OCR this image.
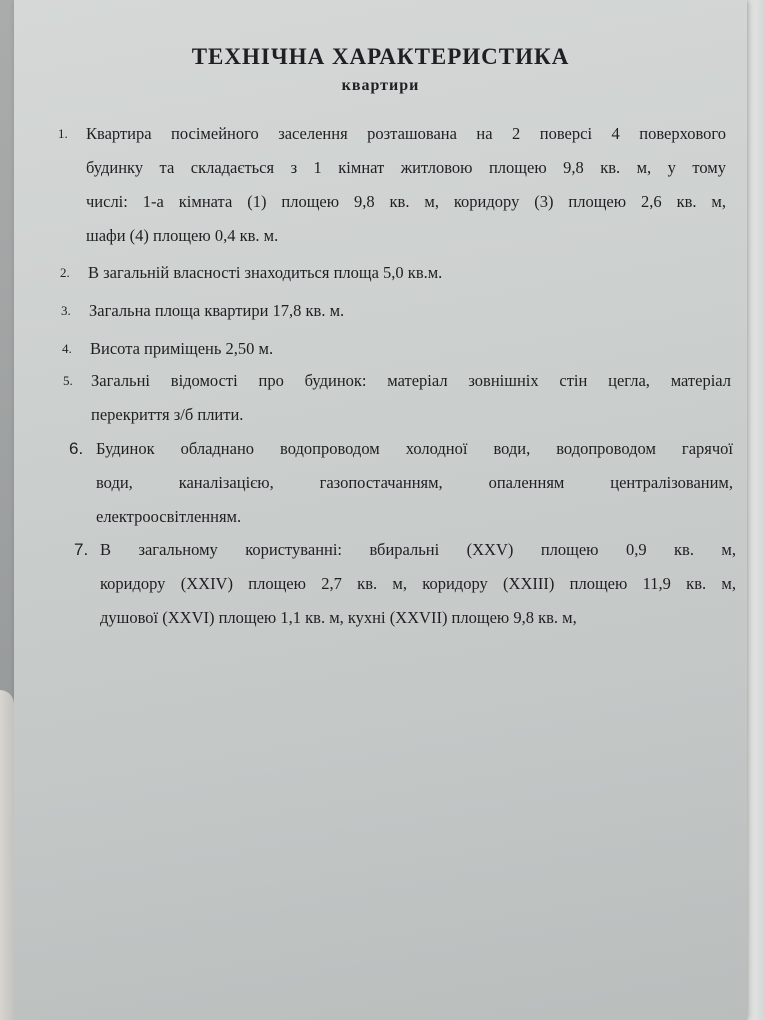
ТЕХНІЧНА ХАРАКТЕРИСТИКА
квартири
1. Квартира посімейного заселення розташована на 2 поверсі 4 поверхового
будинку та складається з 1 кімнат житловою площею 9,8 кв. м, у тому
числі: 1-а кімната (1) площею 9,8 кв. м, коридору (3) площею 2,6 кв. м,
шафи (4) площею 0,4 кв. м.

2. В загальній власності знаходиться площа 5,0 кв.м.

3. Загальна площа квартири 17,8 кв. м.

4. Висота приміщень 2,50 м.

5. Загальні відомості про будинок: матеріал зовнішніх стін цегла, матеріал
перекриття з/б плити.

6. Будинок обладнано водопроводом холодної води, водопроводом гарячої
води, каналізацією, газопостачанням, опаленням централізованим,
електроосвітленням.

7. В загальному користуванні: вбиральні (XXV) площею 0,9 кв. м,
коридору (XXIV) площею 2,7 кв. м, коридору (XXIII) площею 11,9 кв. м,
душової (XXVI) площею 1,1 кв. м, кухні (XXVII) площею 9,8 кв. м,
